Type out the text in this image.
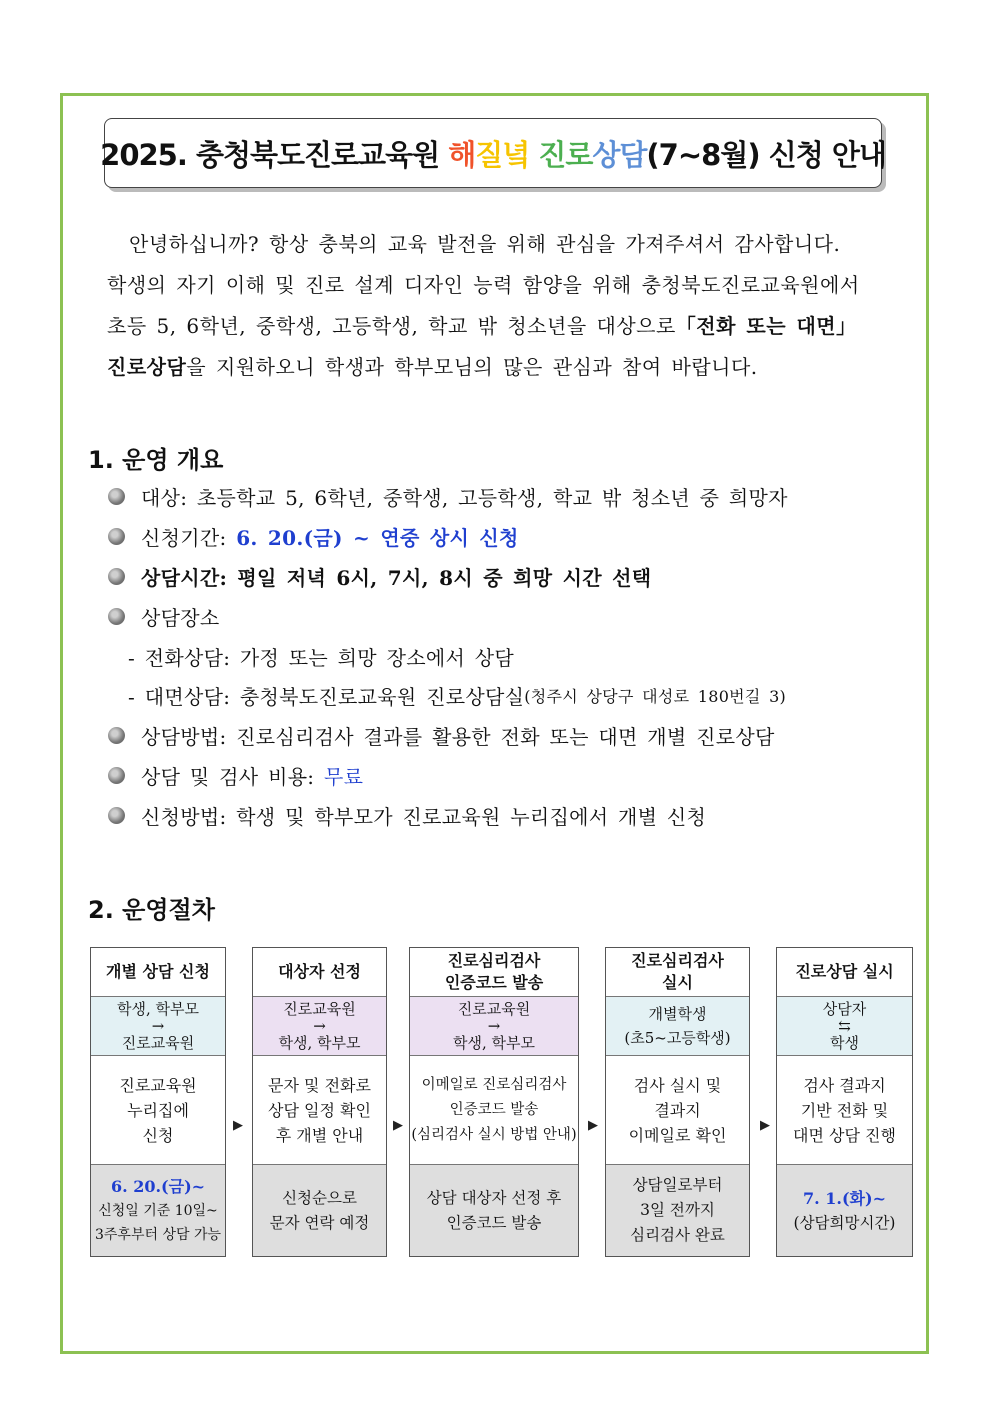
2025. 충청북도진로교육원 해 질 녘
진로 상담 (7~8월) 신청 안내

안녕하십니까? 항상 충북의 교육 발전을 위해 관심을 가져주셔서 감사합니다.

학생의 자기 이해 및 진로 설계 디자인 능력 함양을 위해 충청북도진로교육원에서

초등 5, 6학년, 중학생, 고등학생, 학교 밖 청소년을 대상으로「전화 또는 대면」

진로상담을 지원하오니 학생과 학부모님의 많은 관심과 참여 바랍니다.

1. 운영 개요
대상: 초등학교 5, 6학년, 중학생, 고등학생, 학교 밖 청소년 중 희망자
신청기간: 6. 20.(금) ~ 연중 상시 신청
상담시간: 평일 저녁 6시, 7시, 8시 중 희망 시간 선택
상담장소
- 전화상담: 가정 또는 희망 장소에서 상담
- 대면상담: 충청북도진로교육원 진로상담실 (청주시 상당구 대성로 180번길 3)
상담방법: 진로심리검사 결과를 활용한 전화 또는 대면 개별 진로상담
상담 및 검사 비용: 무료
신청방법: 학생 및 학부모가 진로교육원 누리집에서 개별 신청
2. 운영절차
개별 상담 신청
학생, 학부모
→
진로교육원
진로교육원
누리집에
신청
6. 20.(금)~
신청일 기준 10일~
3주후부터 상담 가능
▶
대상자 선정
진로교육원
→
학생, 학부모
문자 및 전화로
상담 일정 확인
후 개별 안내
신청순으로
문자 연락 예정
▶
진로심리검사
인증코드 발송
진로교육원
→
학생, 학부모
이메일로 진로심리검사
인증코드 발송
(심리검사 실시 방법 안내)
상담 대상자 선정 후
인증코드 발송
▶
진로심리검사
실시
개별학생
(초5~고등학생)
검사 실시 및
결과지
이메일로 확인
상담일로부터
3일 전까지
심리검사 완료
▶
진로상담 실시
상담자
⇆
학생
검사 결과지
기반 전화 및
대면 상담 진행
7. 1.(화)~
(상담희망시간)
